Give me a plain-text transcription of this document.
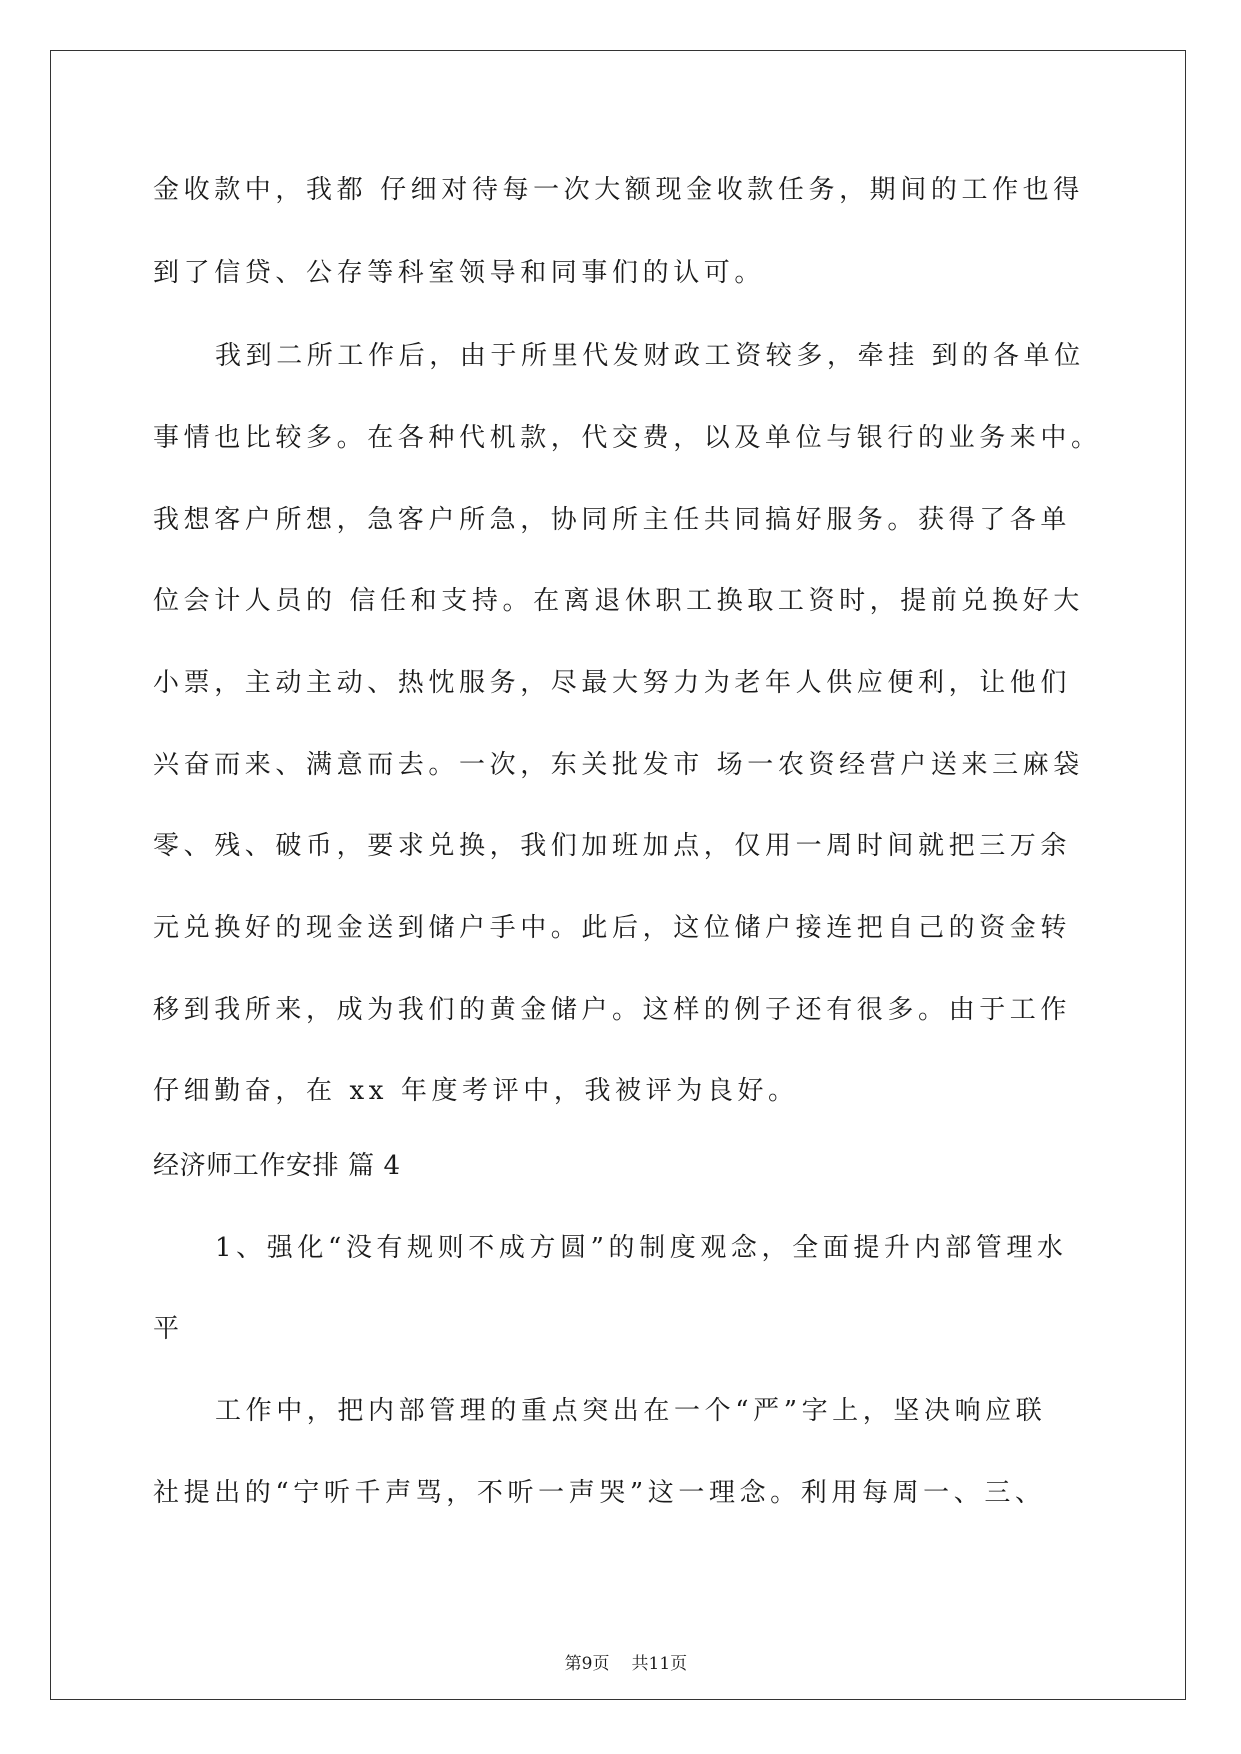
金收款中，我都 仔细对待每一次大额现金收款任务，期间的工作也得
到了信贷、公存等科室领导和同事们的认可。
我到二所工作后，由于所里代发财政工资较多，牵挂 到的各单位
事情也比较多。在各种代机款，代交费，以及单位与银行的业务来中。
我想客户所想，急客户所急，协同所主任共同搞好服务。获得了各单
位会计人员的 信任和支持。在离退休职工换取工资时，提前兑换好大
小票，主动主动、热忱服务，尽最大努力为老年人供应便利，让他们
兴奋而来、满意而去。一次，东关批发市 场一农资经营户送来三麻袋
零、残、破币，要求兑换，我们加班加点，仅用一周时间就把三万余
元兑换好的现金送到储户手中。此后，这位储户接连把自己的资金转
移到我所来，成为我们的黄金储户。这样的例子还有很多。由于工作
仔细勤奋，在 xx 年度考评中，我被评为良好。
经济师工作安排 篇 4
1、强化“没有规则不成方圆”的制度观念，全面提升内部管理水
平
工作中，把内部管理的重点突出在一个“严”字上，坚决响应联
社提出的“宁听千声骂，不听一声哭”这一理念。利用每周一、三、

第9页 共11页
